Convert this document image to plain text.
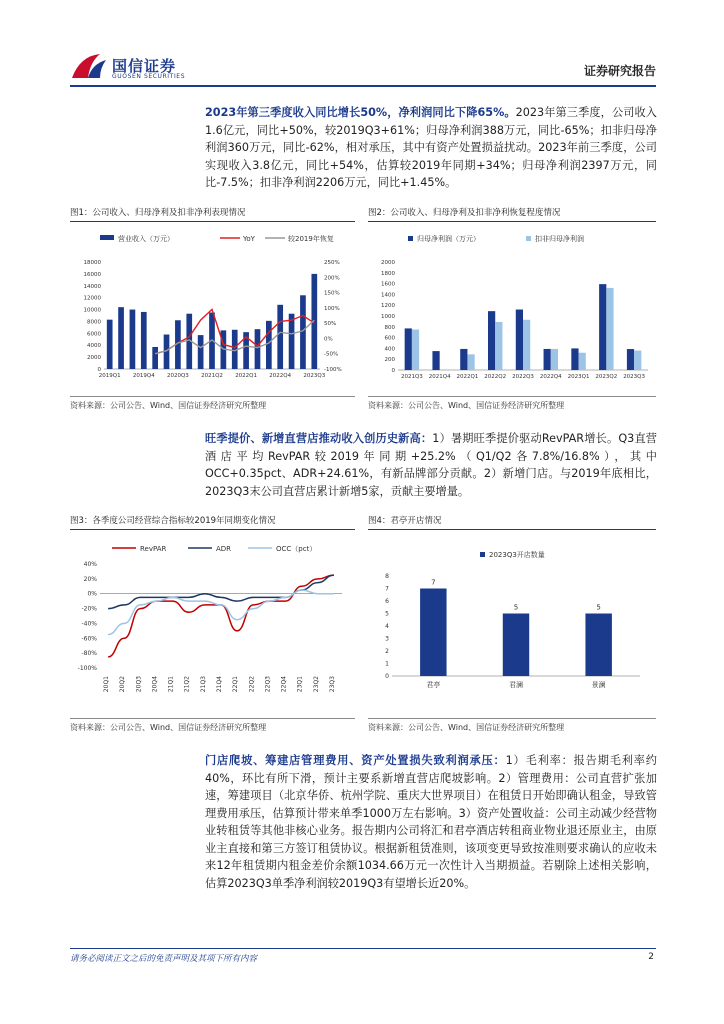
国信证券
GUOSEN SECURITIES	证券研究报告
2023年第三季度收入同比增长50%，净利润同比下降65%。2023年第三季度，公司收入1.6亿元，同比+50%，较2019Q3+61%；归母净利润388万元，同比-65%；扣非归母净利润360万元，同比-62%，相对承压，其中有资产处置损益扰动。2023年前三季度，公司实现收入3.8亿元，同比+54%，估算较2019年同期+34%；归母净利润2397万元，同比-7.5%；扣非净利润2206万元，同比+1.45%。
图1：公司收入、归母净利及扣非净利表现情况	图2：公司收入、归母净利及扣非净利恢复程度情况
营业收入（万元）	YoY	较2019年恢复
0
2000
4000
6000
8000
10000
12000
14000
16000
18000	250%
200%
150%
100%
50%
0%
-50%
-100%
2019Q1 2019Q4 2020Q3 2021Q2 2022Q1 2022Q4 2023Q3
归母净利润（万元）	扣非归母净利润
0
200
400
600
800
1000
1200
1400
1600
1800
2000
2021Q3 2021Q4 2022Q1 2022Q2 2022Q3 2022Q4 2023Q1 2023Q2 2023Q3
资料来源：公司公告、Wind、国信证券经济研究所整理	资料来源：公司公告、Wind、国信证券经济研究所整理
旺季提价、新增直营店推动收入创历史新高：1）暑期旺季提价驱动RevPAR增长。Q3直营酒店平均RevPAR较2019年同期+25.2%（Q1/Q2各7.8%/16.8%），其中OCC+0.35pct、ADR+24.61%，有新品牌部分贡献。2）新增门店。与2019年底相比，2023Q3末公司直营店累计新增5家，贡献主要增量。
图3：各季度公司经营综合指标较2019年同期变化情况	图4：君亭开店情况
RevPAR	ADR	OCC（pct）
40%
20%
0%
-20%
-40%
-60%
-80%
-100%
20Q1 20Q2 20Q3 20Q4 21Q1 21Q2 21Q3 21Q4 22Q1 22Q2 22Q3 22Q4 23Q1 23Q2 23Q3
2023Q3开店数量
0
1
2
3
4
5
6
7
8
君亭	君澜	景澜
7
5	5
资料来源：公司公告、Wind、国信证券经济研究所整理	资料来源：公司公告、Wind、国信证券经济研究所整理
门店爬坡、筹建店管理费用、资产处置损失致利润承压：1）毛利率：报告期毛利率约40%，环比有所下滑，预计主要系新增直营店爬坡影响。2）管理费用：公司直营扩张加速，筹建项目（北京华侨、杭州学院、重庆大世界项目）在租赁日开始即确认租金，导致管理费用承压，估算预计带来单季1000万左右影响。3）资产处置收益：公司主动减少经营物业转租赁等其他非核心业务。报告期内公司将汇和君亭酒店转租商业物业退还原业主，由原业主直接和第三方签订租赁协议。根据新租赁准则，该项变更导致按准则要求确认的应收未来12年租赁期内租金差价余额1034.66万元一次性计入当期损益。若剔除上述相关影响，估算2023Q3单季净利润较2019Q3有望增长近20%。
请务必阅读正文之后的免责声明及其项下所有内容	2
